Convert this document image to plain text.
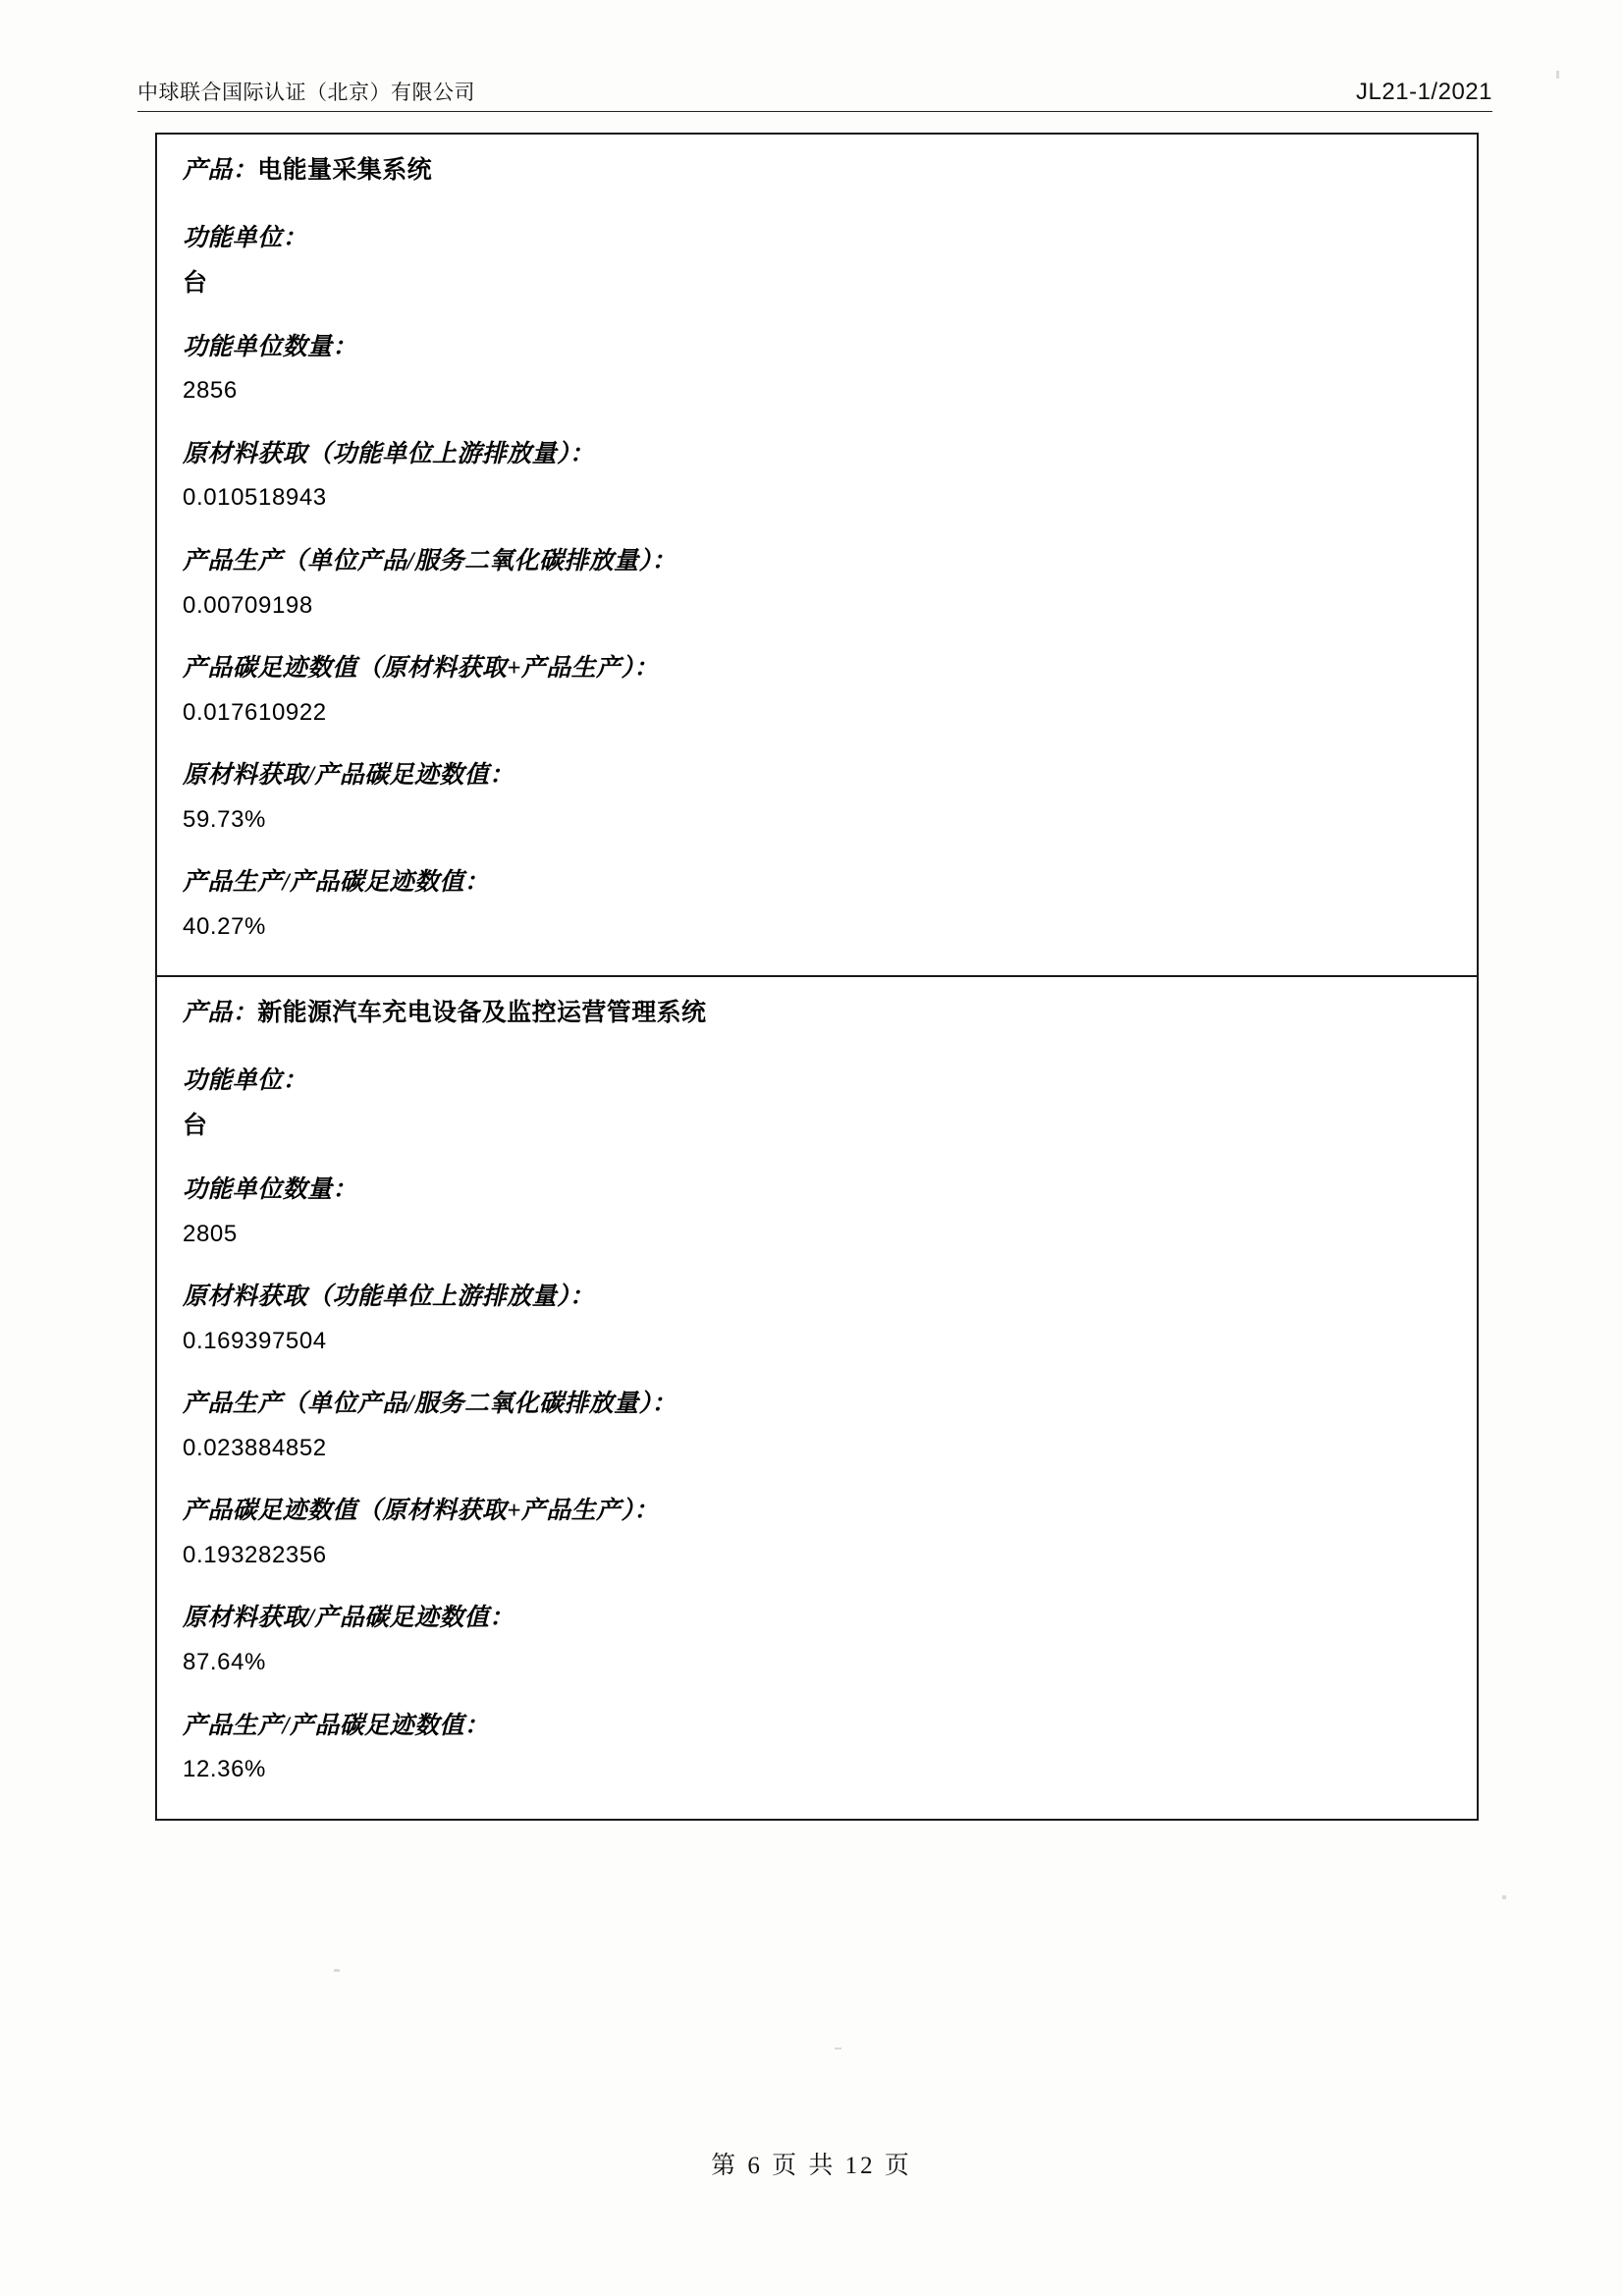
中球联合国际认证（北京）有限公司	JL21-1/2021
产品：电能量采集系统
功能单位：
台
功能单位数量：
2856
原材料获取（功能单位上游排放量）：
0.010518943
产品生产（单位产品/服务二氧化碳排放量）：
0.00709198
产品碳足迹数值（原材料获取+产品生产）：
0.017610922
原材料获取/产品碳足迹数值：
59.73%
产品生产/产品碳足迹数值：
40.27%
产品：新能源汽车充电设备及监控运营管理系统
功能单位：
台
功能单位数量：
2805
原材料获取（功能单位上游排放量）：
0.169397504
产品生产（单位产品/服务二氧化碳排放量）：
0.023884852
产品碳足迹数值（原材料获取+产品生产）：
0.193282356
原材料获取/产品碳足迹数值：
87.64%
产品生产/产品碳足迹数值：
12.36%
第 6 页 共 12 页
